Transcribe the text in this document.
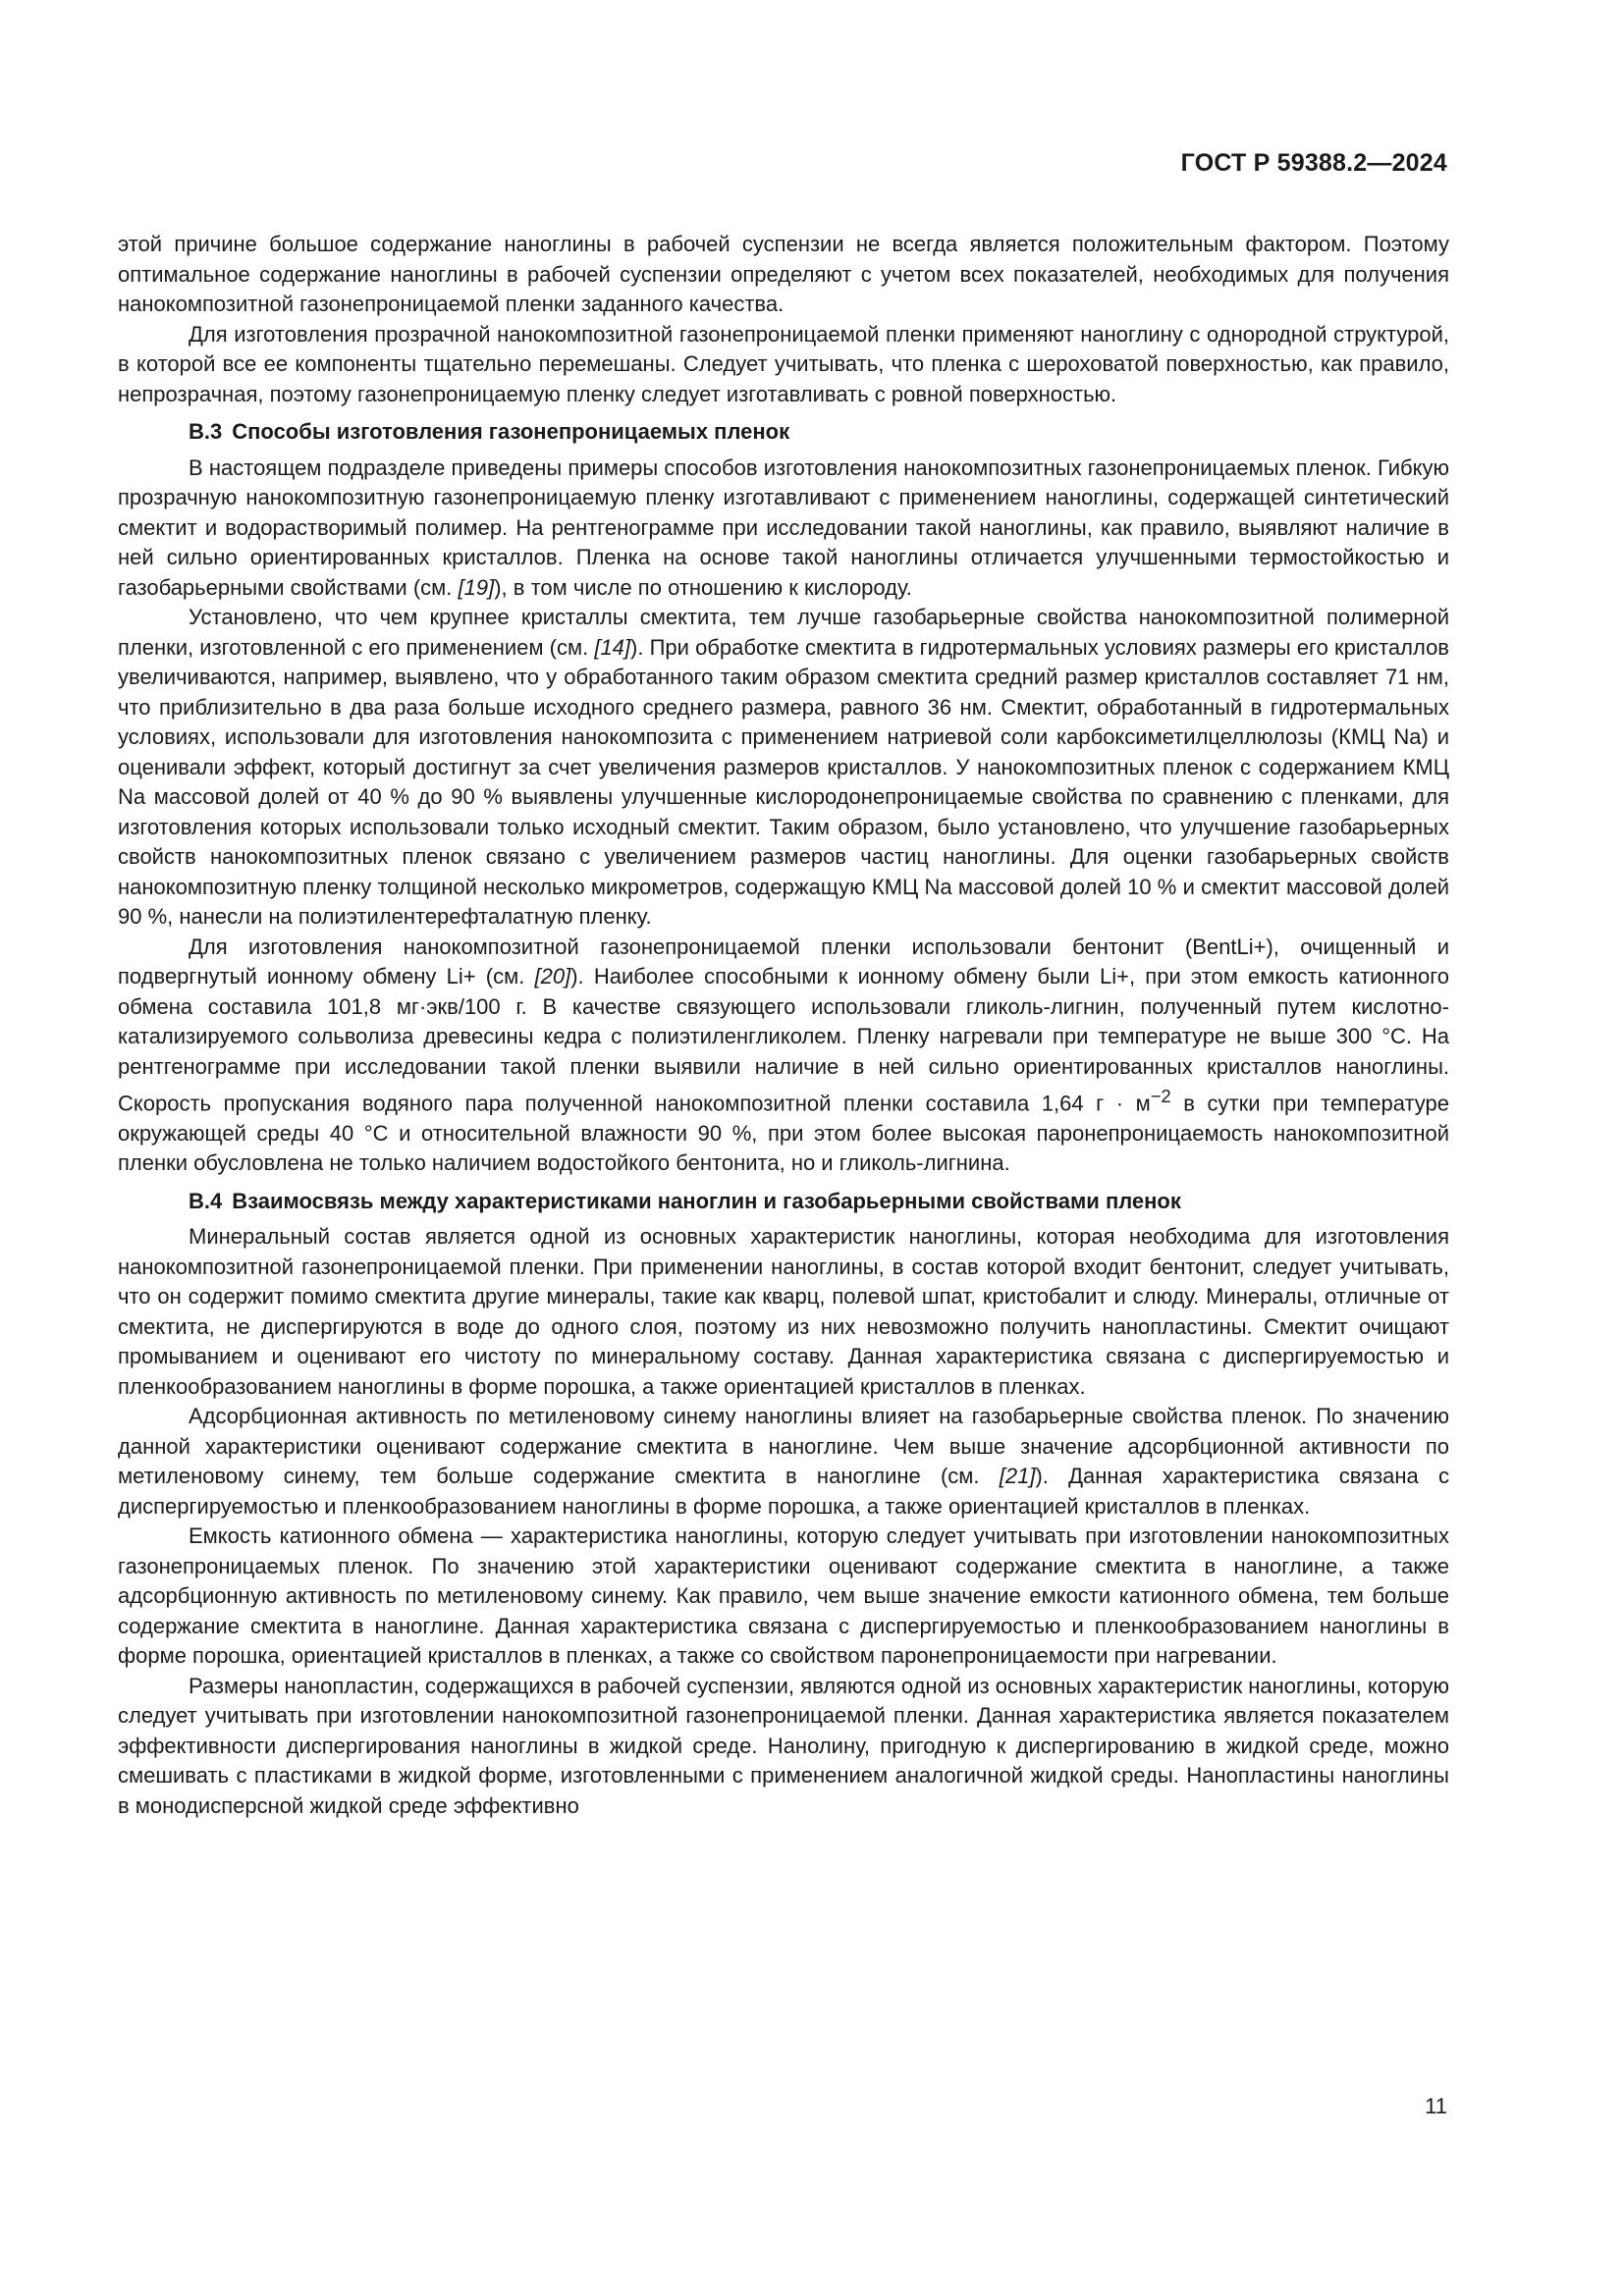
ГОСТ Р 59388.2—2024

этой причине большое содержание наноглины в рабочей суспензии не всегда является положительным фактором. Поэтому оптимальное содержание наноглины в рабочей суспензии определяют с учетом всех показателей, необходимых для получения нанокомпозитной газонепроницаемой пленки заданного качества.

Для изготовления прозрачной нанокомпозитной газонепроницаемой пленки применяют наноглину с однородной структурой, в которой все ее компоненты тщательно перемешаны. Следует учитывать, что пленка с шероховатой поверхностью, как правило, непрозрачная, поэтому газонепроницаемую пленку следует изготавливать с ровной поверхностью.

В.3 Способы изготовления газонепроницаемых пленок

В настоящем подразделе приведены примеры способов изготовления нанокомпозитных газонепроницаемых пленок. Гибкую прозрачную нанокомпозитную газонепроницаемую пленку изготавливают с применением наноглины, содержащей синтетический смектит и водорастворимый полимер. На рентгенограмме при исследовании такой наноглины, как правило, выявляют наличие в ней сильно ориентированных кристаллов. Пленка на основе такой наноглины отличается улучшенными термостойкостью и газобарьерными свойствами (см. [19]), в том числе по отношению к кислороду.

Установлено, что чем крупнее кристаллы смектита, тем лучше газобарьерные свойства нанокомпозитной полимерной пленки, изготовленной с его применением (см. [14]). При обработке смектита в гидротермальных условиях размеры его кристаллов увеличиваются, например, выявлено, что у обработанного таким образом смектита средний размер кристаллов составляет 71 нм, что приблизительно в два раза больше исходного среднего размера, равного 36 нм. Смектит, обработанный в гидротермальных условиях, использовали для изготовления нанокомпозита с применением натриевой соли карбоксиметилцеллюлозы (КМЦ Na) и оценивали эффект, который достигнут за счет увеличения размеров кристаллов. У нанокомпозитных пленок с содержанием КМЦ Na массовой долей от 40 % до 90 % выявлены улучшенные кислородонепроницаемые свойства по сравнению с пленками, для изготовления которых использовали только исходный смектит. Таким образом, было установлено, что улучшение газобарьерных свойств нанокомпозитных пленок связано с увеличением размеров частиц наноглины. Для оценки газобарьерных свойств нанокомпозитную пленку толщиной несколько микрометров, содержащую КМЦ Na массовой долей 10 % и смектит массовой долей 90 %, нанесли на полиэтилентерефталатную пленку.

Для изготовления нанокомпозитной газонепроницаемой пленки использовали бентонит (BentLi+), очищенный и подвергнутый ионному обмену Li+ (см. [20]). Наиболее способными к ионному обмену были Li+, при этом емкость катионного обмена составила 101,8 мг·экв/100 г. В качестве связующего использовали гликоль-лигнин, полученный путем кислотно-катализируемого сольволиза древесины кедра с полиэтиленгликолем. Пленку нагревали при температуре не выше 300 °С. На рентгенограмме при исследовании такой пленки выявили наличие в ней сильно ориентированных кристаллов наноглины. Скорость пропускания водяного пара полученной нанокомпозитной пленки составила 1,64 $г \cdot м^{-2}$ в сутки при температуре окружающей среды 40 °С и относительной влажности 90 %, при этом более высокая паронепроницаемость нанокомпозитной пленки обусловлена не только наличием водостойкого бентонита, но и гликоль-лигнина.

В.4 Взаимосвязь между характеристиками наноглин и газобарьерными свойствами пленок

Минеральный состав является одной из основных характеристик наноглины, которая необходима для изготовления нанокомпозитной газонепроницаемой пленки. При применении наноглины, в состав которой входит бентонит, следует учитывать, что он содержит помимо смектита другие минералы, такие как кварц, полевой шпат, кристобалит и слюду. Минералы, отличные от смектита, не диспергируются в воде до одного слоя, поэтому из них невозможно получить нанопластины. Смектит очищают промыванием и оценивают его чистоту по минеральному составу. Данная характеристика связана с диспергируемостью и пленкообразованием наноглины в форме порошка, а также ориентацией кристаллов в пленках.

Адсорбционная активность по метиленовому синему наноглины влияет на газобарьерные свойства пленок. По значению данной характеристики оценивают содержание смектита в наноглине. Чем выше значение адсорбционной активности по метиленовому синему, тем больше содержание смектита в наноглине (см. [21]). Данная характеристика связана с диспергируемостью и пленкообразованием наноглины в форме порошка, а также ориентацией кристаллов в пленках.

Емкость катионного обмена — характеристика наноглины, которую следует учитывать при изготовлении нанокомпозитных газонепроницаемых пленок. По значению этой характеристики оценивают содержание смектита в наноглине, а также адсорбционную активность по метиленовому синему. Как правило, чем выше значение емкости катионного обмена, тем больше содержание смектита в наноглине. Данная характеристика связана с диспергируемостью и пленкообразованием наноглины в форме порошка, ориентацией кристаллов в пленках, а также со свойством паронепроницаемости при нагревании.

Размеры нанопластин, содержащихся в рабочей суспензии, являются одной из основных характеристик наноглины, которую следует учитывать при изготовлении нанокомпозитной газонепроницаемой пленки. Данная характеристика является показателем эффективности диспергирования наноглины в жидкой среде. Нанолину, пригодную к диспергированию в жидкой среде, можно смешивать с пластиками в жидкой форме, изготовленными с применением аналогичной жидкой среды. Нанопластины наноглины в монодисперсной жидкой среде эффективно

11
